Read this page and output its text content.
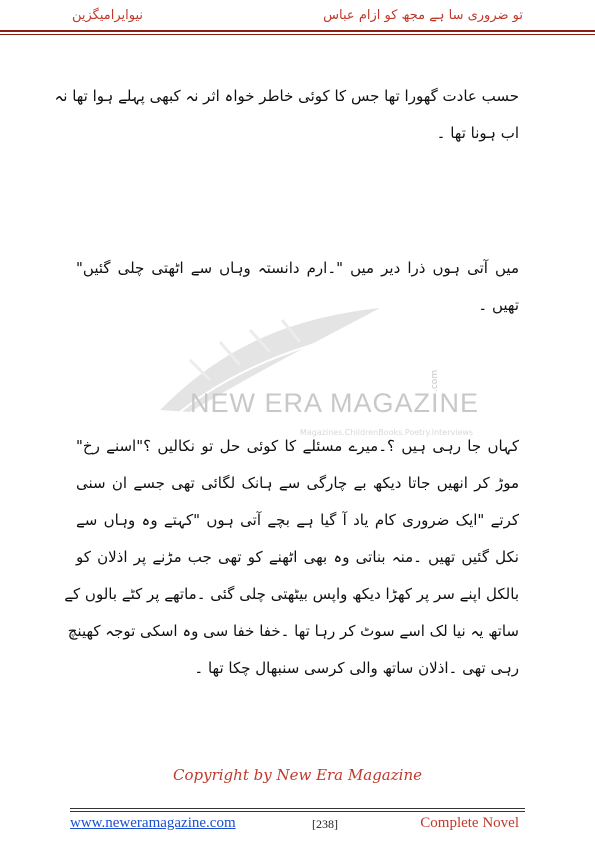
نیوایرامیگزین	تو ضروری سا ہے مجھ کو ازام عباس
NEW ERA MAGAZINE
.com
Magazines.ChildrenBooks.Poetry.Interviews
حسب عادت گھورا تھا جس کا کوئی خاطر خواہ اثر نہ کبھی پہلے ہوا تھا نہ
اب ہونا تھا ۔
میں آتی ہوں ذرا دیر میں "۔ارم دانستہ وہاں سے اٹھتی چلی گئیں"
تھیں ۔
کہاں جا رہی ہیں ؟۔میرے مسئلے کا کوئی حل تو نکالیں ؟"اسنے رخ"
موڑ کر انھیں جاتا دیکھ بے چارگی سے ہانک لگائی تھی جسے ان سنی
کرتے "ایک ضروری کام یاد آ گیا ہے بچے آتی ہوں "کہتے وہ وہاں سے
نکل گئیں تھیں ۔منہ بناتی وہ بھی اٹھنے کو تھی جب مڑنے پر اذلان کو
بالکل اپنے سر پر کھڑا دیکھ واپس بیٹھتی چلی گئی ۔ماتھے پر کٹے بالوں کے
ساتھ یہ نیا لک اسے سوٹ کر رہا تھا ۔خفا خفا سی وہ اسکی توجہ کھینچ
رہی تھی ۔اذلان ساتھ والی کرسی سنبھال چکا تھا ۔
Copyright by New Era Magazine
www.neweramagazine.com	[238]	Complete Novel
